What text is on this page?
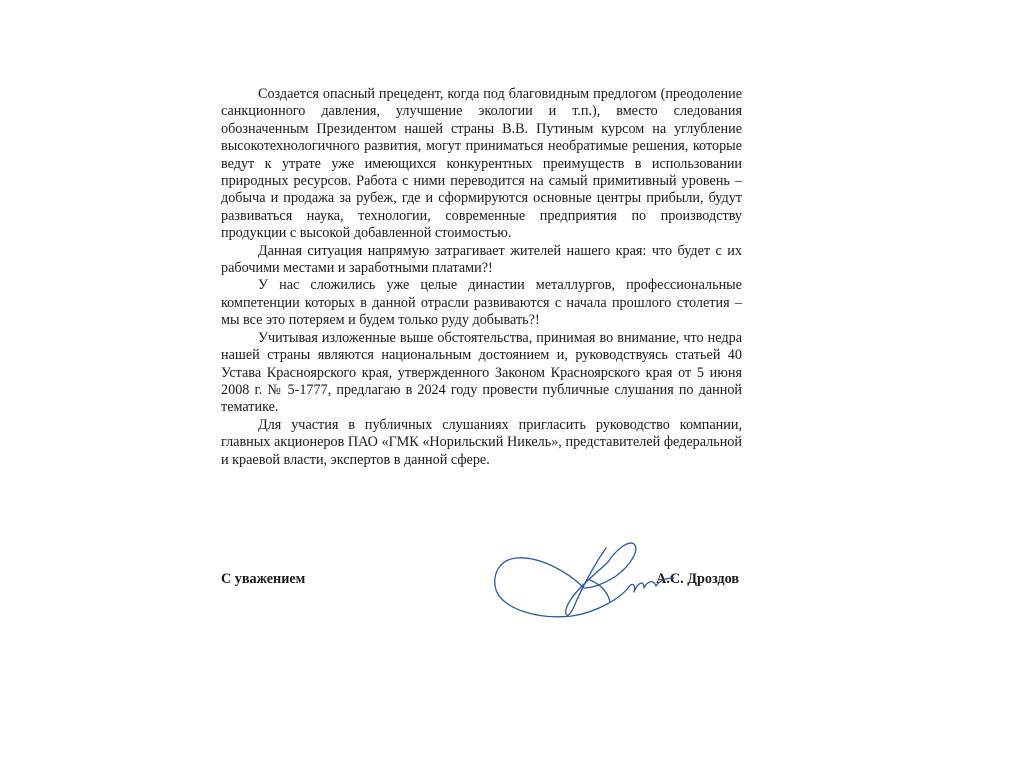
Создается опасный прецедент, когда под благовидным предлогом (преодоление санкционного давления, улучшение экологии и т.п.), вместо следования обозначенным Президентом нашей страны В.В. Путиным курсом на углубление высокотехнологичного развития, могут приниматься необратимые решения, которые ведут к утрате уже имеющихся конкурентных преимуществ в использовании природных ресурсов. Работа с ними переводится на самый примитивный уровень – добыча и продажа за рубеж, где и сформируются основные центры прибыли, будут развиваться наука, технологии, современные предприятия по производству продукции с высокой добавленной стоимостью.

Данная ситуация напрямую затрагивает жителей нашего края: что будет с их рабочими местами и заработными платами?!

У нас сложились уже целые династии металлургов, профессиональные компетенции которых в данной отрасли развиваются с начала прошлого столетия – мы все это потеряем и будем только руду добывать?!

Учитывая изложенные выше обстоятельства, принимая во внимание, что недра нашей страны являются национальным достоянием и, руководствуясь статьей 40 Устава Красноярского края, утвержденного Законом Красноярского края от 5 июня 2008 г. № 5-1777, предлагаю в 2024 году провести публичные слушания по данной тематике.

Для участия в публичных слушаниях пригласить руководство компании, главных акционеров ПАО «ГМК «Норильский Никель», представителей федеральной и краевой власти, экспертов в данной сфере.

С уважением	А.С. Дроздов
